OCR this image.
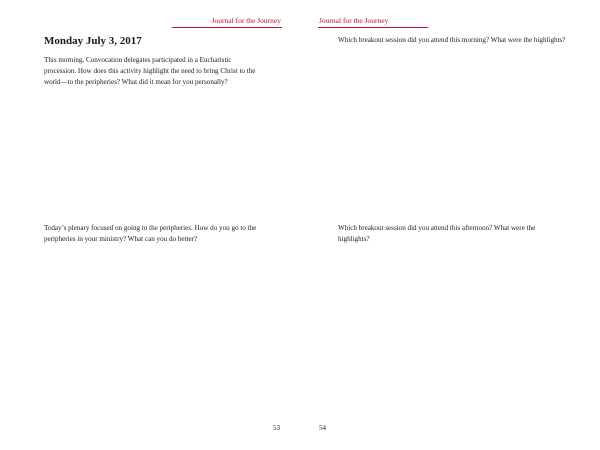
Journal for the Journey
Monday July 3, 2017
This morning, Convocation delegates participated in a Eucharistic procession. How does this activity highlight the need to bring Christ to the world—to the peripheries? What did it mean for you personally?
Today’s plenary focused on going to the peripheries. How do you go to the peripheries in your ministry? What can you do better?
53
Journal for the Journey
Which breakout session did you attend this morning? What were the highlights?
Which breakout session did you attend this afternoon? What were the highlights?
54
